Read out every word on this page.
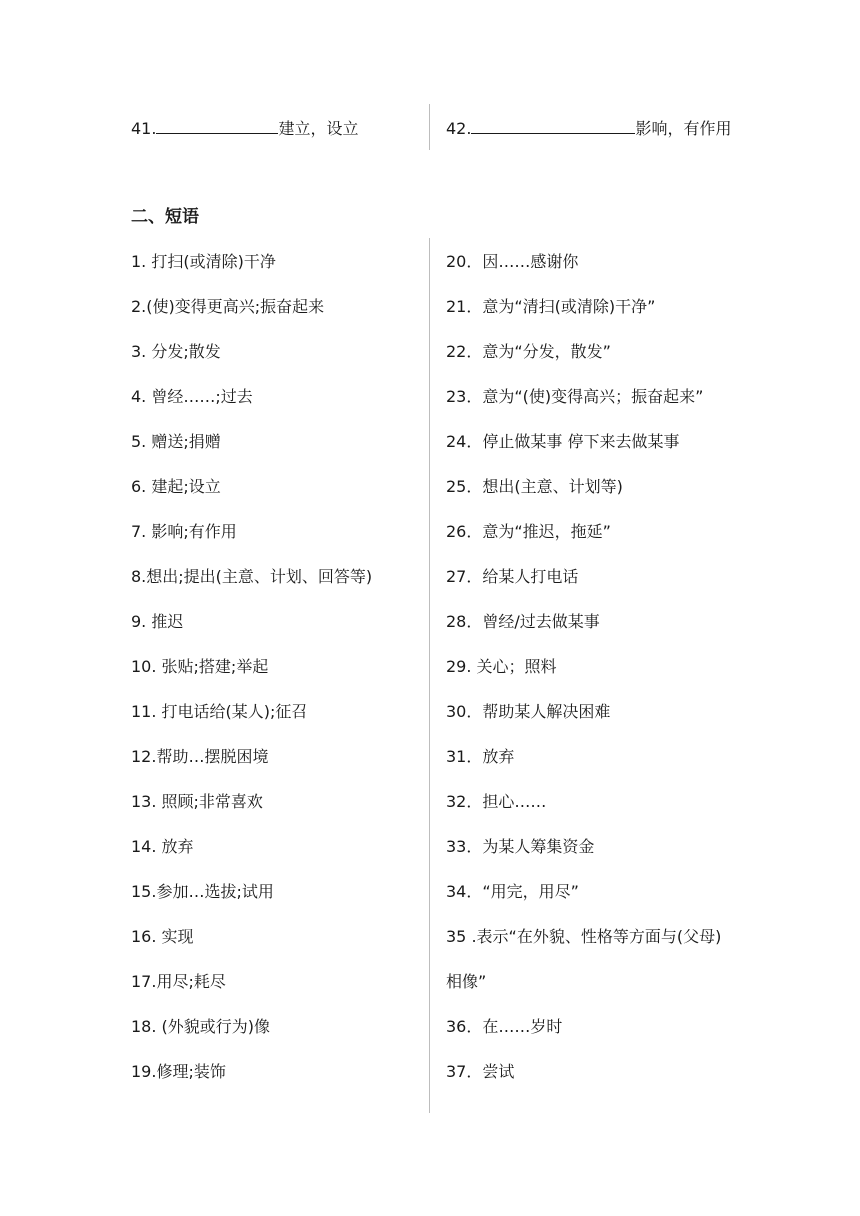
41.	建立，设立	42.	影响，有作用
二、短语
1. 打扫(或清除)干净
2.(使)变得更高兴;振奋起来
3. 分发;散发
4. 曾经……;过去
5. 赠送;捐赠
6. 建起;设立
7. 影响;有作用
8.想出;提出(主意、计划、回答等)
9. 推迟
10. 张贴;搭建;举起
11. 打电话给(某人);征召
12.帮助…摆脱困境
13. 照顾;非常喜欢
14. 放弃
15.参加…选拔;试用
16. 实现
17.用尽;耗尽
18. (外貌或行为)像
19.修理;装饰
20．因……感谢你
21．意为“清扫(或清除)干净”
22．意为“分发，散发”
23．意为“(使)变得高兴；振奋起来”
24．停止做某事 停下来去做某事
25．想出(主意、计划等)
26．意为“推迟，拖延”
27．给某人打电话
28．曾经/过去做某事
29. 关心；照料
30．帮助某人解决困难
31．放弃
32．担心……
33．为某人筹集资金
34．“用完，用尽”
35 .表示“在外貌、性格等方面与(父母)
相像”
36．在……岁时
37．尝试
